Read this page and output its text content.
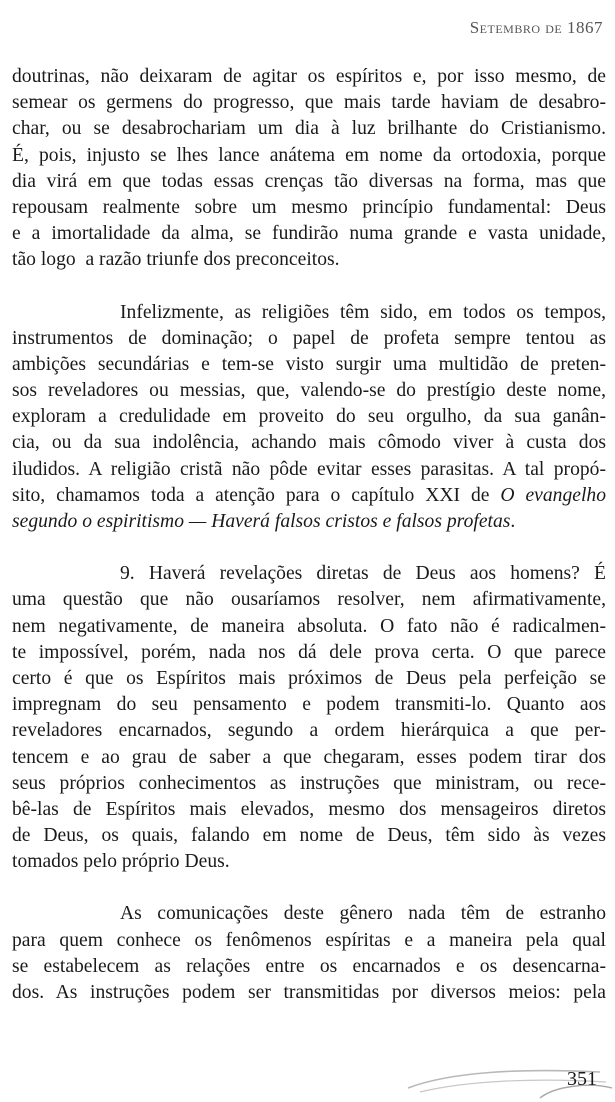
Setembro de 1867
doutrinas, não deixaram de agitar os espíritos e, por isso mesmo, de
semear os germens do progresso, que mais tarde haviam de desabro-
char, ou se desabrochariam um dia à luz brilhante do Cristianismo.
É, pois, injusto se lhes lance anátema em nome da ortodoxia, porque
dia virá em que todas essas crenças tão diversas na forma, mas que
repousam realmente sobre um mesmo princípio fundamental: Deus
e a imortalidade da alma, se fundirão numa grande e vasta unidade,
tão logo  a razão triunfe dos preconceitos.
Infelizmente, as religiões têm sido, em todos os tempos,
instrumentos de dominação; o papel de profeta sempre tentou as
ambições secundárias e tem-se visto surgir uma multidão de preten-
sos reveladores ou messias, que, valendo-se do prestígio deste nome,
exploram a credulidade em proveito do seu orgulho, da sua ganân-
cia, ou da sua indolência, achando mais cômodo viver à custa dos
iludidos. A religião cristã não pôde evitar esses parasitas. A tal propó-
sito, chamamos toda a atenção para o capítulo XXI de O evangelho
segundo o espiritismo — Haverá falsos cristos e falsos profetas.
9. Haverá revelações diretas de Deus aos homens? É
uma questão que não ousaríamos resolver, nem afirmativamente,
nem negativamente, de maneira absoluta. O fato não é radicalmen-
te impossível, porém, nada nos dá dele prova certa. O que parece
certo é que os Espíritos mais próximos de Deus pela perfeição se
impregnam do seu pensamento e podem transmiti-lo. Quanto aos
reveladores encarnados, segundo a ordem hierárquica a que per-
tencem e ao grau de saber a que chegaram, esses podem tirar dos
seus próprios conhecimentos as instruções que ministram, ou rece-
bê-las de Espíritos mais elevados, mesmo dos mensageiros diretos
de Deus, os quais, falando em nome de Deus, têm sido às vezes
tomados pelo próprio Deus.
As comunicações deste gênero nada têm de estranho
para quem conhece os fenômenos espíritas e a maneira pela qual
se estabelecem as relações entre os encarnados e os desencarna-
dos. As instruções podem ser transmitidas por diversos meios: pela
351
